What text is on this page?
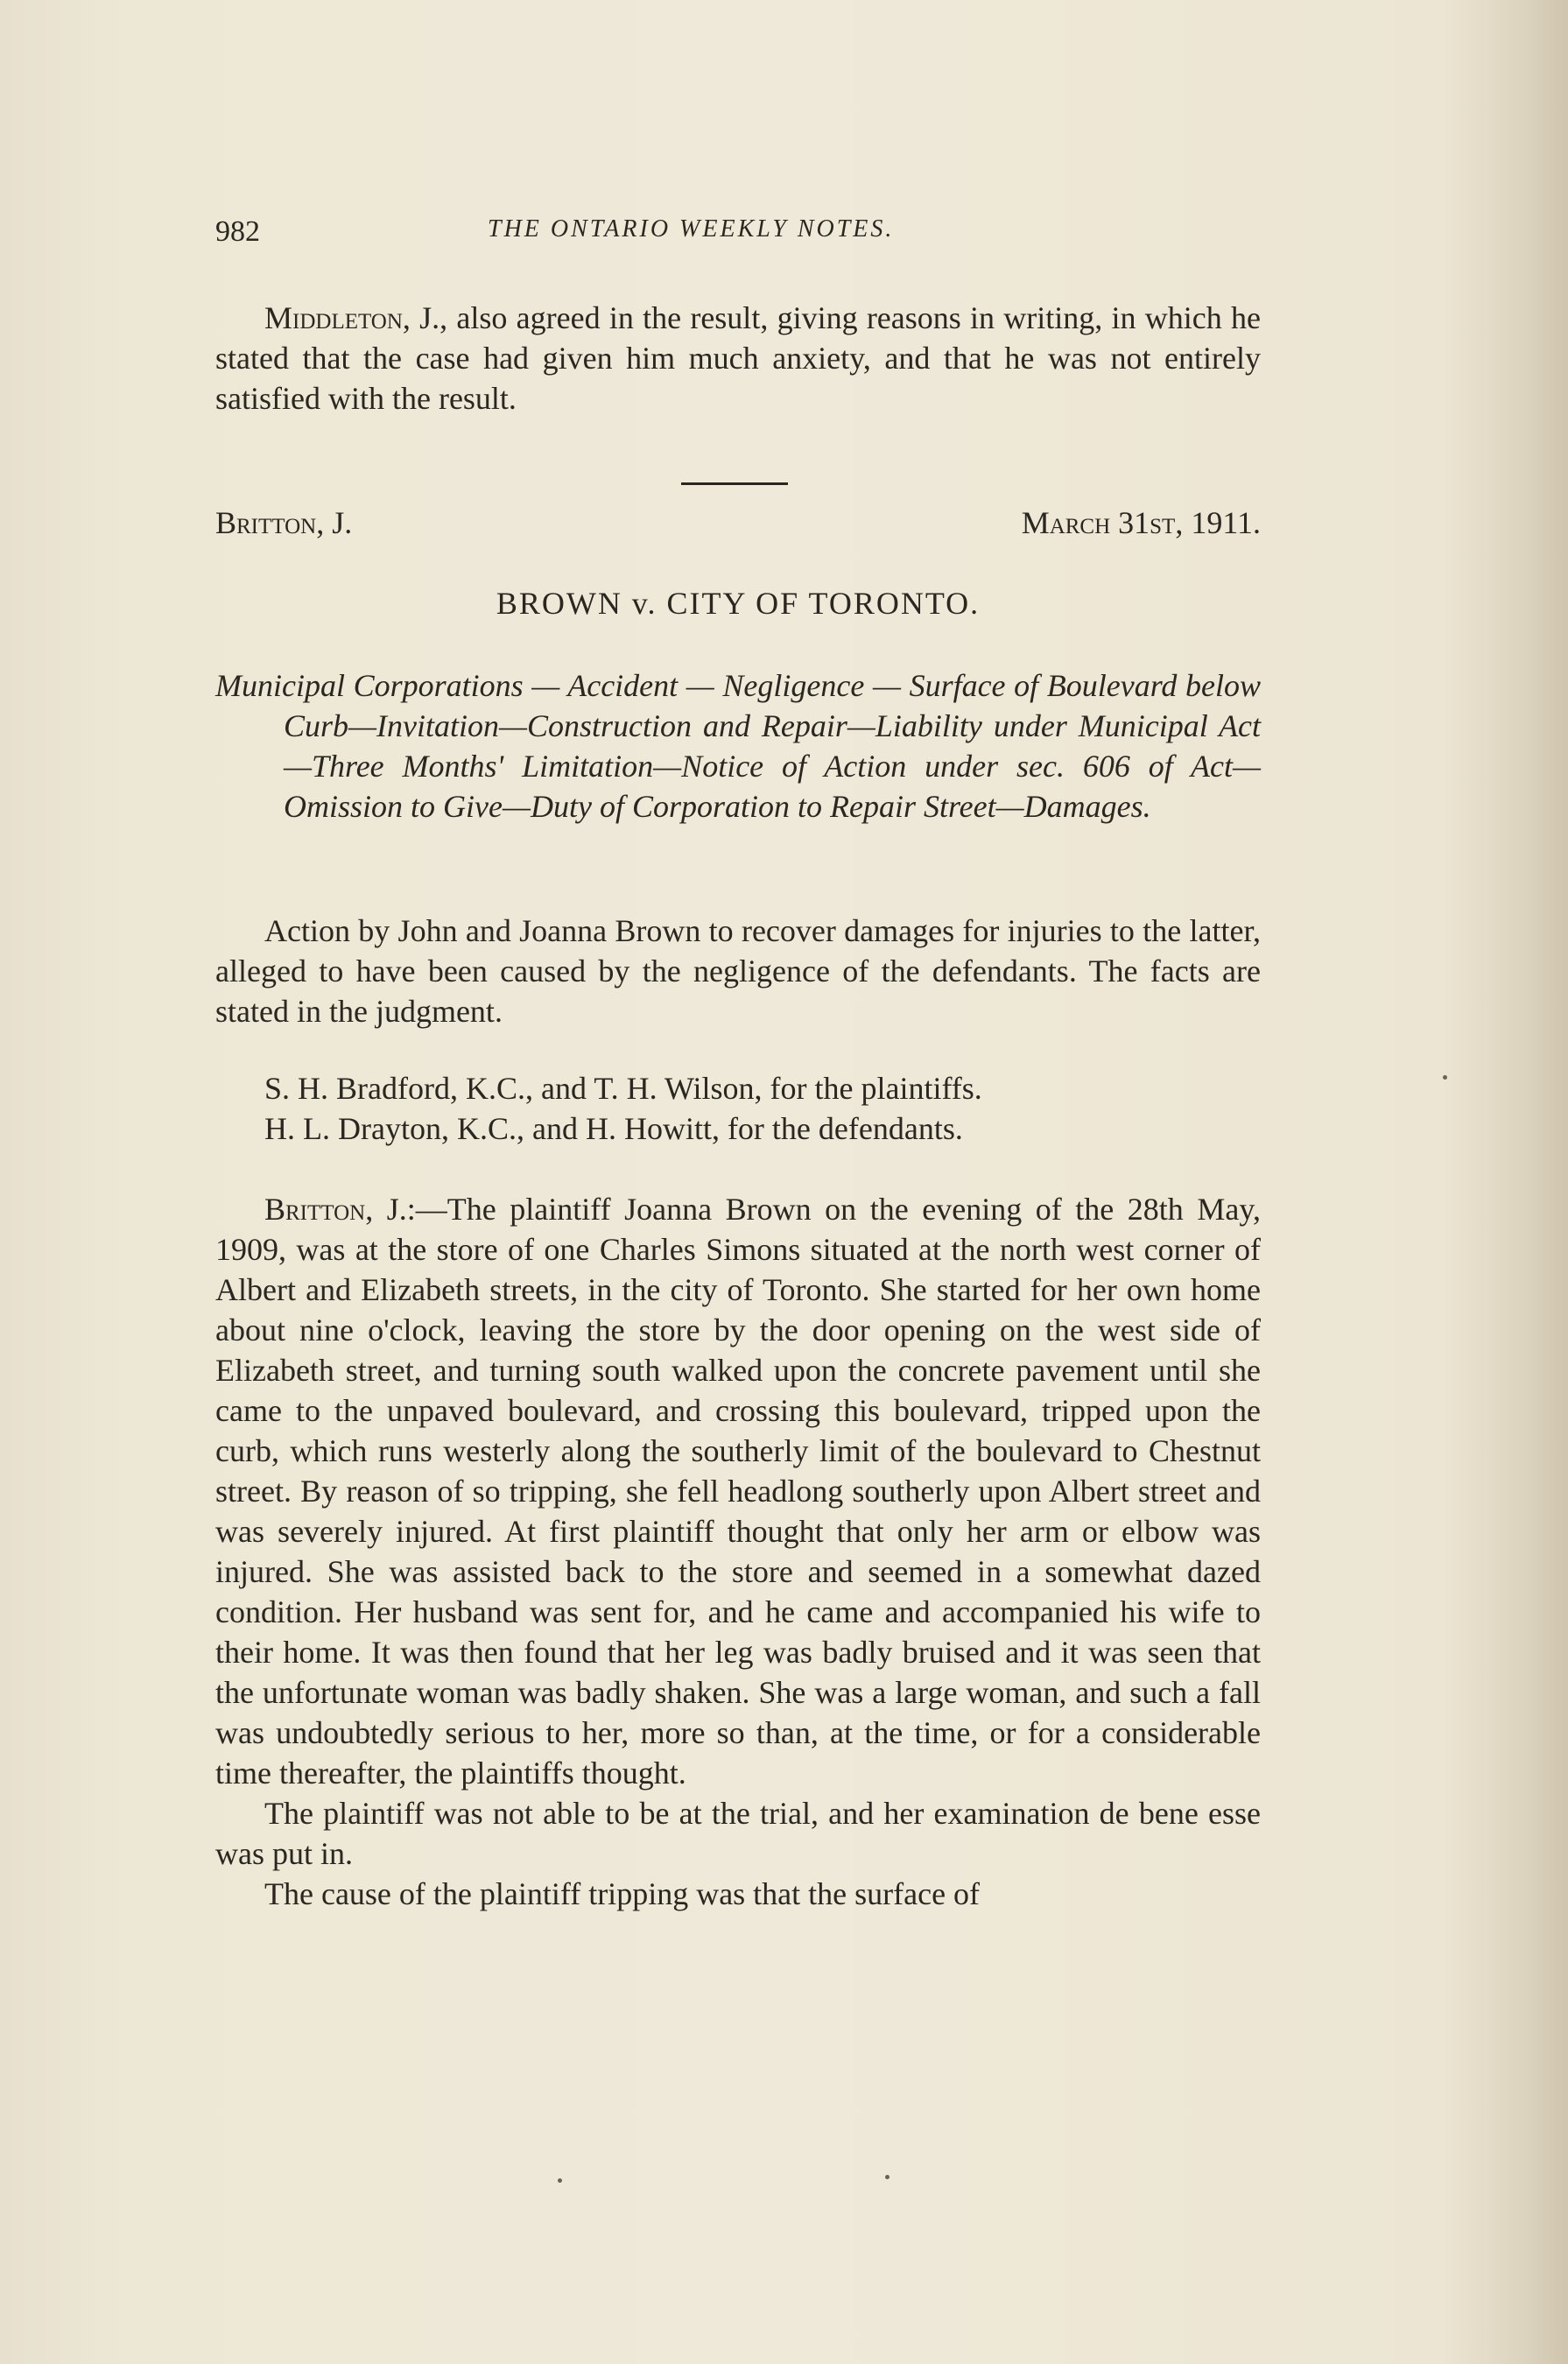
982	THE ONTARIO WEEKLY NOTES.

Middleton, J., also agreed in the result, giving reasons in writing, in which he stated that the case had given him much anxiety, and that he was not entirely satisfied with the result.

Britton, J.	March 31st, 1911.
BROWN v. CITY OF TORONTO.
Municipal Corporations — Accident — Negligence — Surface of Boulevard below Curb—Invitation—Construction and Repair—Liability under Municipal Act—Three Months' Limitation—Notice of Action under sec. 606 of Act—Omission to Give—Duty of Corporation to Repair Street—Damages.

Action by John and Joanna Brown to recover damages for injuries to the latter, alleged to have been caused by the negligence of the defendants. The facts are stated in the judgment.

S. H. Bradford, K.C., and T. H. Wilson, for the plaintiffs.
H. L. Drayton, K.C., and H. Howitt, for the defendants.

Britton, J.:—The plaintiff Joanna Brown on the evening of the 28th May, 1909, was at the store of one Charles Simons situated at the north west corner of Albert and Elizabeth streets, in the city of Toronto. She started for her own home about nine o'clock, leaving the store by the door opening on the west side of Elizabeth street, and turning south walked upon the concrete pavement until she came to the unpaved boulevard, and crossing this boulevard, tripped upon the curb, which runs westerly along the southerly limit of the boulevard to Chestnut street. By reason of so tripping, she fell headlong southerly upon Albert street and was severely injured. At first plaintiff thought that only her arm or elbow was injured. She was assisted back to the store and seemed in a somewhat dazed condition. Her husband was sent for, and he came and accompanied his wife to their home. It was then found that her leg was badly bruised and it was seen that the unfortunate woman was badly shaken. She was a large woman, and such a fall was undoubtedly serious to her, more so than, at the time, or for a considerable time thereafter, the plaintiffs thought.

The plaintiff was not able to be at the trial, and her examination de bene esse was put in.

The cause of the plaintiff tripping was that the surface of
